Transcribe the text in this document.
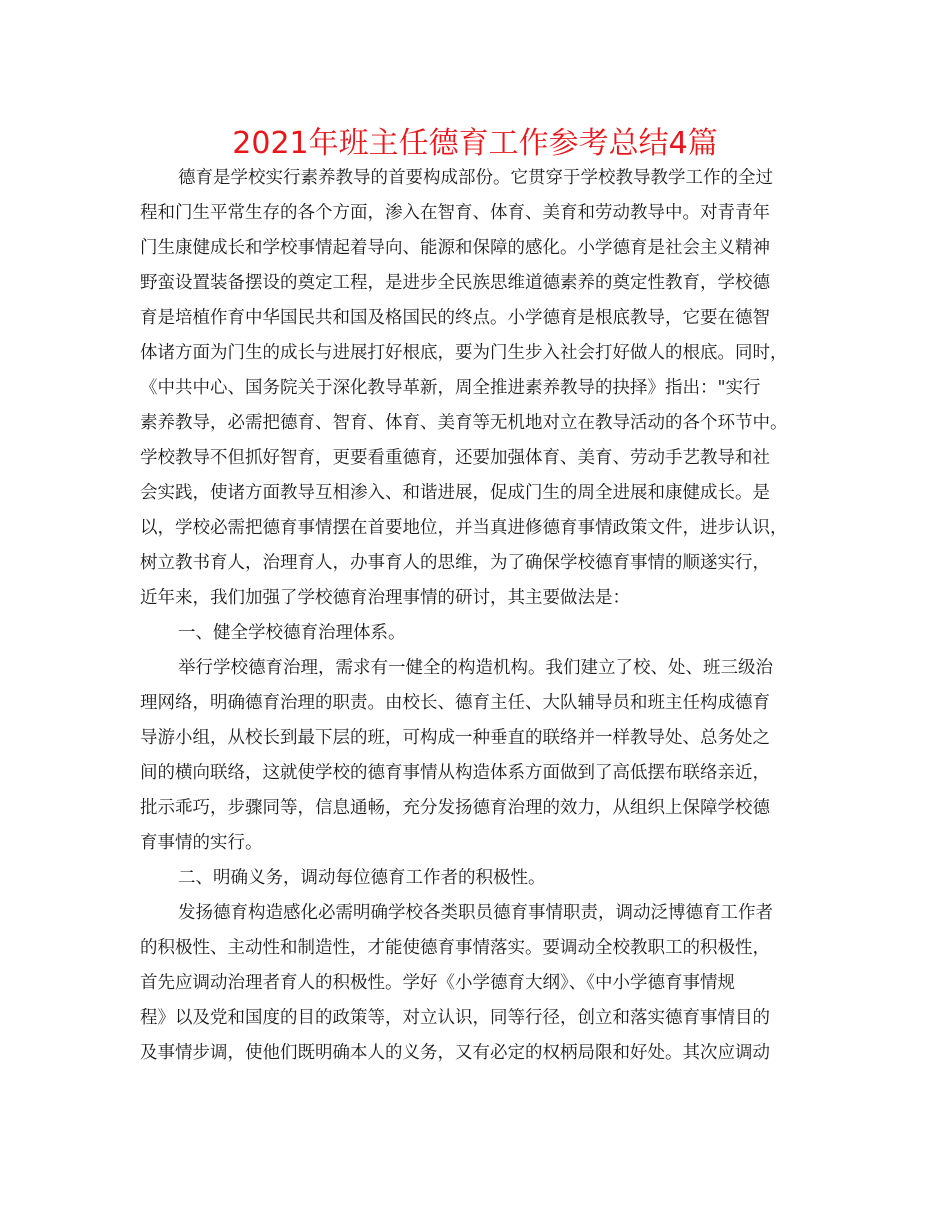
2021年班主任德育工作参考总结4篇
德育是学校实行素养教导的首要构成部份。它贯穿于学校教导教学工作的全过
程和门生平常生存的各个方面，渗入在智育、体育、美育和劳动教导中。对青青年
门生康健成长和学校事情起着导向、能源和保障的感化。小学德育是社会主义精神
野蛮设置装备摆设的奠定工程，是进步全民族思维道德素养的奠定性教育，学校德
育是培植作育中华国民共和国及格国民的终点。小学德育是根底教导，它要在德智
体诸方面为门生的成长与进展打好根底，要为门生步入社会打好做人的根底。同时，
《中共中心、国务院关于深化教导革新，周全推进素养教导的抉择》指出："实行
素养教导，必需把德育、智育、体育、美育等无机地对立在教导活动的各个环节中。
学校教导不但抓好智育，更要看重德育，还要加强体育、美育、劳动手艺教导和社
会实践，使诸方面教导互相渗入、和谐进展，促成门生的周全进展和康健成长。是
以，学校必需把德育事情摆在首要地位，并当真进修德育事情政策文件，进步认识，
树立教书育人，治理育人，办事育人的思维，为了确保学校德育事情的顺遂实行，
近年来，我们加强了学校德育治理事情的研讨，其主要做法是：
一、健全学校德育治理体系。
举行学校德育治理，需求有一健全的构造机构。我们建立了校、处、班三级治
理网络，明确德育治理的职责。由校长、德育主任、大队辅导员和班主任构成德育
导游小组，从校长到最下层的班，可构成一种垂直的联络并一样教导处、总务处之
间的横向联络，这就使学校的德育事情从构造体系方面做到了高低摆布联络亲近，
批示乖巧，步骤同等，信息通畅，充分发扬德育治理的效力，从组织上保障学校德
育事情的实行。
二、明确义务，调动每位德育工作者的积极性。
发扬德育构造感化必需明确学校各类职员德育事情职责，调动泛博德育工作者
的积极性、主动性和制造性，才能使德育事情落实。要调动全校教职工的积极性，
首先应调动治理者育人的积极性。学好《小学德育大纲》、《中小学德育事情规
程》以及党和国度的目的政策等，对立认识，同等行径，创立和落实德育事情目的
及事情步调，使他们既明确本人的义务，又有必定的权柄局限和好处。其次应调动
